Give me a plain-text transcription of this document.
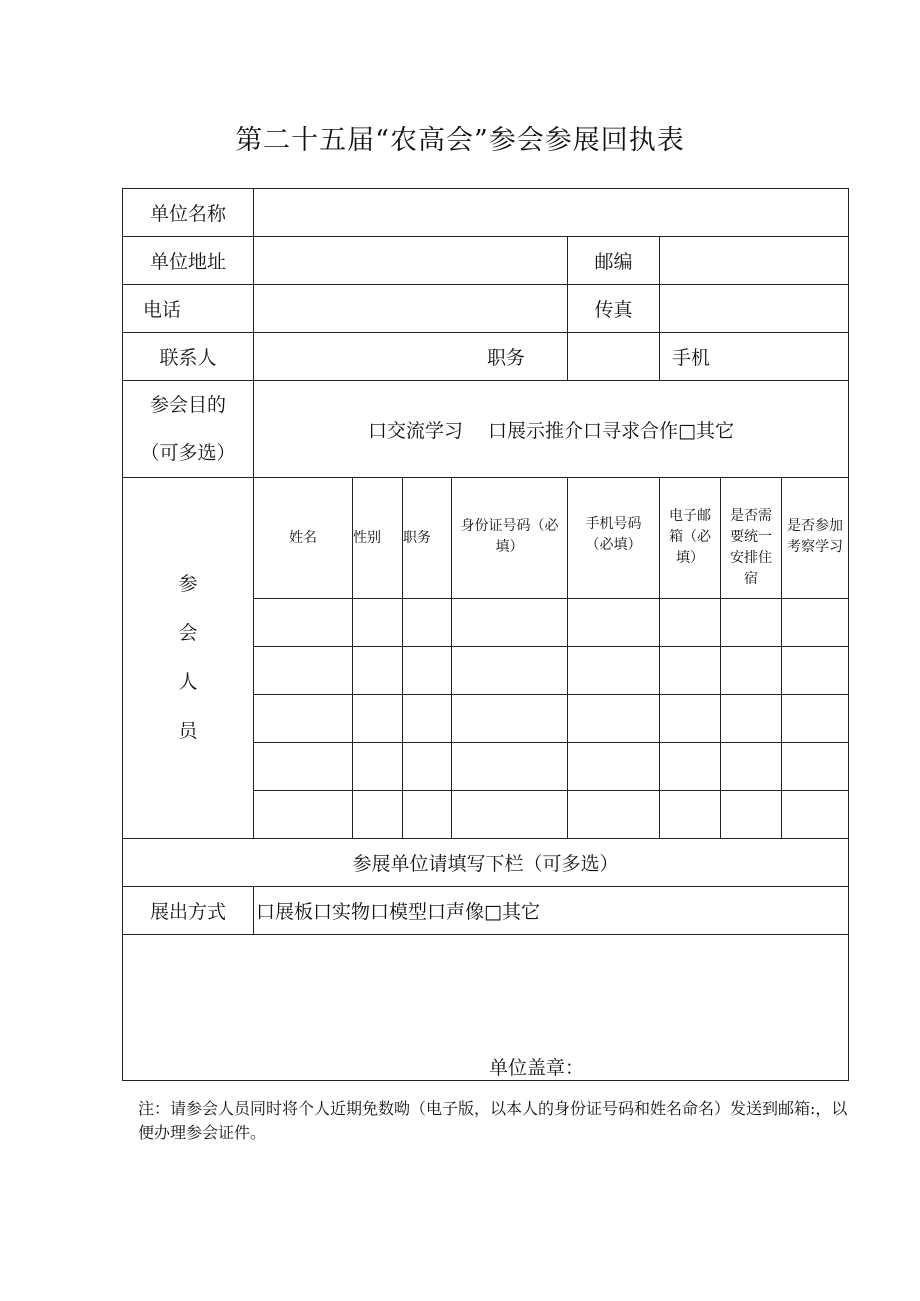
第二十五届“农高会”参会参展回执表
单位名称								
单位地址					邮编			
电话					传真			
联系人	职务					手机		

参会目的
（可多选）	口交流学习　 口展示推介口寻求合作□其它							

参
会
人
员	姓名	性别	职务	身份证号码（必填）	手机号码（必填）	电子邮箱（必填）	是否需要统一安排住宿	是否参加考察学习

参展单位请填写下栏（可多选）								
展出方式	口展板口实物口模型口声像□其它							

单位盖章：								
注：请参会人员同时将个人近期免数呦（电子版，以本人的身份证号码和姓名命名）发送到邮箱:，以便办理参会证件。
